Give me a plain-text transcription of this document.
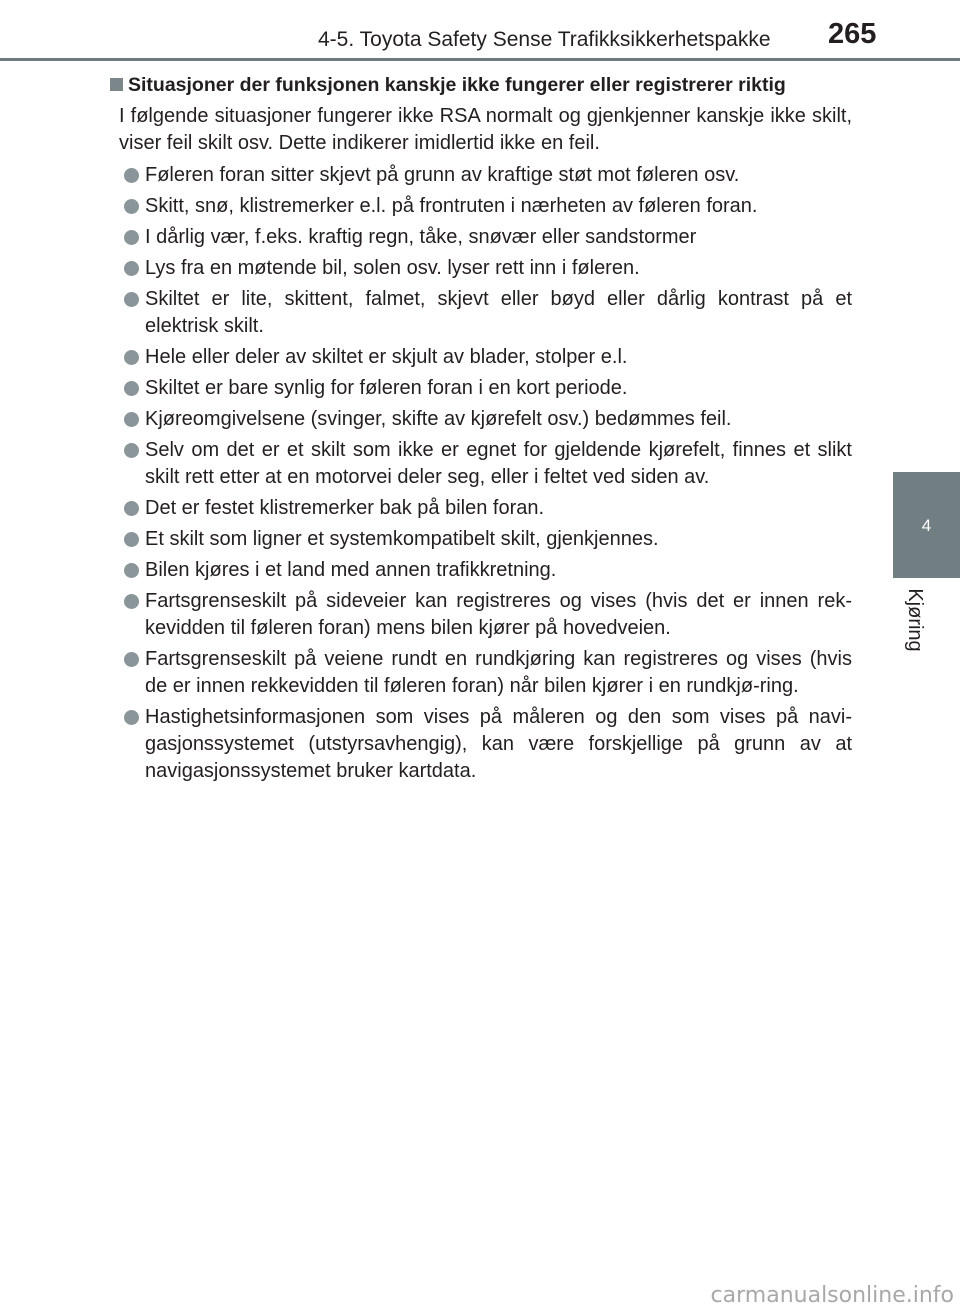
4-5. Toyota Safety Sense Trafikksikkerhetspakke 265
4
Kjøring
Situasjoner der funksjonen kanskje ikke fungerer eller registrerer riktig
I følgende situasjoner fungerer ikke RSA normalt og gjenkjenner kanskje ikke skilt, viser feil skilt osv. Dette indikerer imidlertid ikke en feil.
Føleren foran sitter skjevt på grunn av kraftige støt mot føleren osv.
Skitt, snø, klistremerker e.l. på frontruten i nærheten av føleren foran.
I dårlig vær, f.eks. kraftig regn, tåke, snøvær eller sandstormer
Lys fra en møtende bil, solen osv. lyser rett inn i føleren.
Skiltet er lite, skittent, falmet, skjevt eller bøyd eller dårlig kontrast på et elektrisk skilt.
Hele eller deler av skiltet er skjult av blader, stolper e.l.
Skiltet er bare synlig for føleren foran i en kort periode.
Kjøreomgivelsene (svinger, skifte av kjørefelt osv.) bedømmes feil.
Selv om det er et skilt som ikke er egnet for gjeldende kjørefelt, finnes et slikt skilt rett etter at en motorvei deler seg, eller i feltet ved siden av.
Det er festet klistremerker bak på bilen foran.
Et skilt som ligner et systemkompatibelt skilt, gjenkjennes.
Bilen kjøres i et land med annen trafikkretning.
Fartsgrenseskilt på sideveier kan registreres og vises (hvis det er innen rek-kevidden til føleren foran) mens bilen kjører på hovedveien.
Fartsgrenseskilt på veiene rundt en rundkjøring kan registreres og vises (hvis de er innen rekkevidden til føleren foran) når bilen kjører i en rundkjø-ring.
Hastighetsinformasjonen som vises på måleren og den som vises på navi-gasjonssystemet (utstyrsavhengig), kan være forskjellige på grunn av at navigasjonssystemet bruker kartdata.
carmanualsonline.info
